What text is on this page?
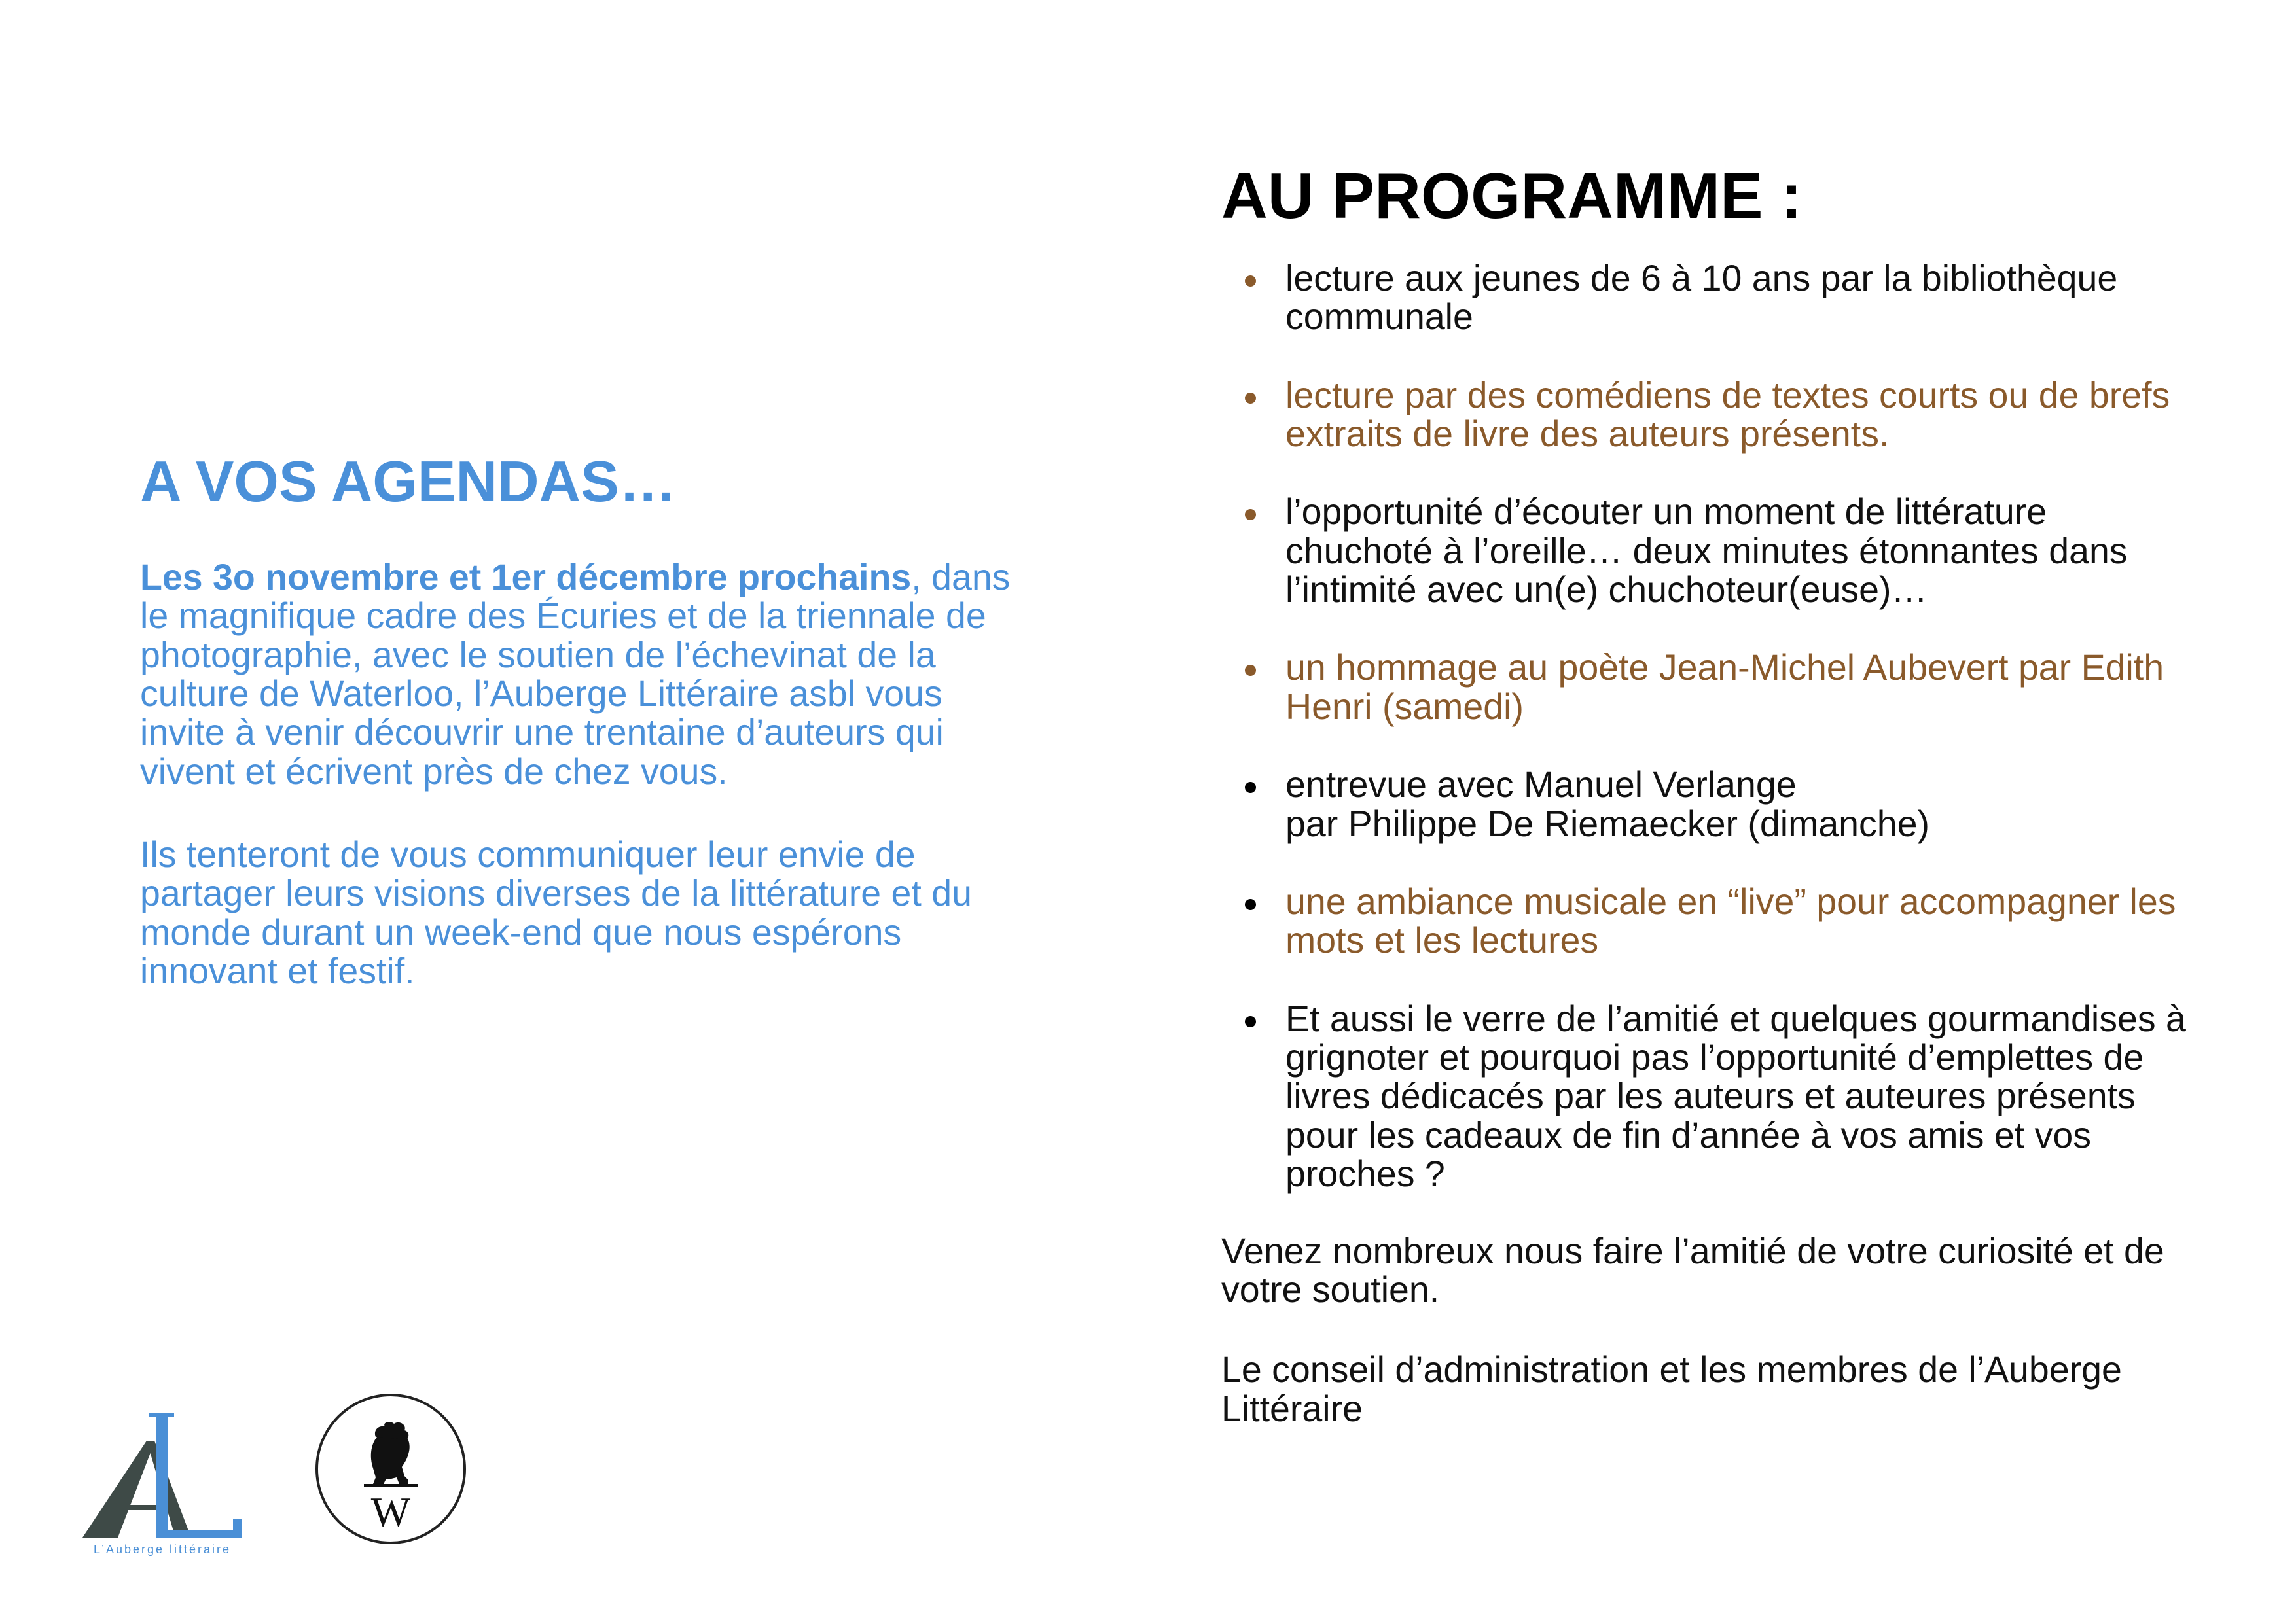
A VOS AGENDAS…

Les 3o novembre et 1er décembre prochains, dans le magnifique cadre des Écuries et de la triennale de photographie, avec le soutien de l’échevinat de la culture de Waterloo, l’Auberge Littéraire asbl vous invite à venir découvrir une trentaine d’auteurs qui vivent et écrivent près de chez vous.

Ils tenteront de vous communiquer leur envie de partager leurs visions diverses de la littérature et du monde durant un week-end que nous espérons innovant et festif.

AU PROGRAMME :
lecture aux jeunes de 6 à 10 ans par la bibliothèque communale
lecture par des comédiens de textes courts ou de brefs extraits de livre des auteurs présents.
l’opportunité d’écouter un moment de littérature chuchoté à l’oreille… deux minutes étonnantes dans l’intimité avec un(e) chuchoteur(euse)…
un hommage au poète Jean-Michel Aubevert par Edith Henri (samedi)
entrevue avec Manuel Verlange
par Philippe De Riemaecker (dimanche)
une ambiance musicale en “live” pour accompagner les mots et les lectures
Et aussi le verre de l’amitié et quelques gourmandises à grignoter et pourquoi pas l’opportunité d’emplettes de livres dédicacés par les auteurs et auteures présents pour les cadeaux de fin d’année à vos amis et vos proches ?

Venez nombreux nous faire l’amitié de votre curiosité et de votre soutien.

Le conseil d’administration et les membres de l’Auberge Littéraire

L’Auberge littéraire
W
